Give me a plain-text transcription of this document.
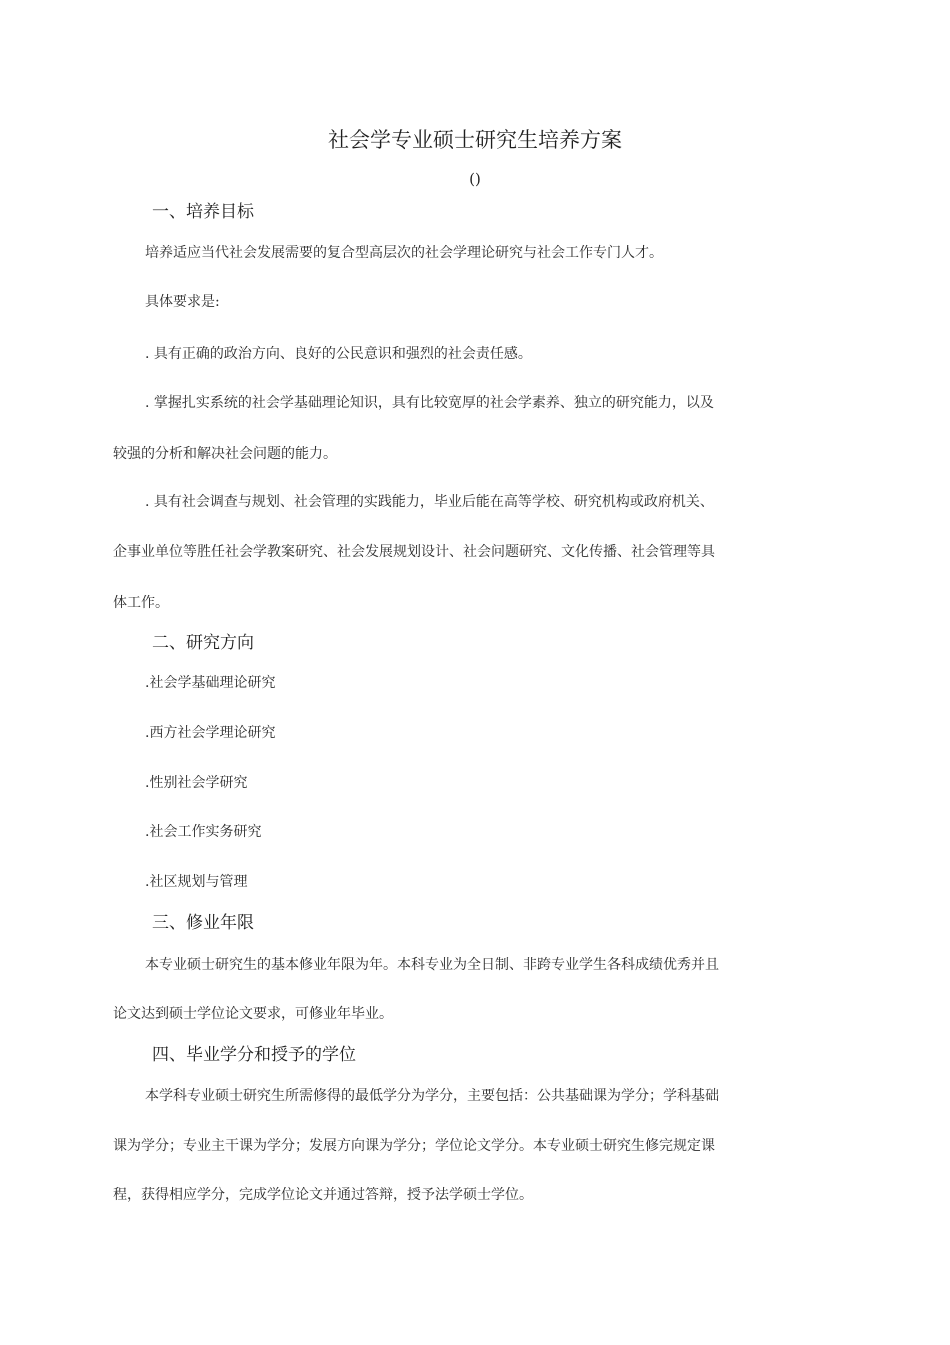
社会学专业硕士研究生培养方案
()
一、培养目标
培养适应当代社会发展需要的复合型高层次的社会学理论研究与社会工作专门人才。
具体要求是:
. 具有正确的政治方向、良好的公民意识和强烈的社会责任感。
. 掌握扎实系统的社会学基础理论知识，具有比较宽厚的社会学素养、独立的研究能力，以及
较强的分析和解决社会问题的能力。
. 具有社会调查与规划、社会管理的实践能力，毕业后能在高等学校、研究机构或政府机关、
企事业单位等胜任社会学教案研究、社会发展规划设计、社会问题研究、文化传播、社会管理等具
体工作。
二、研究方向
.社会学基础理论研究
.西方社会学理论研究
.性别社会学研究
.社会工作实务研究
.社区规划与管理
三、修业年限
本专业硕士研究生的基本修业年限为年。本科专业为全日制、非跨专业学生各科成绩优秀并且
论文达到硕士学位论文要求，可修业年毕业。
四、毕业学分和授予的学位
本学科专业硕士研究生所需修得的最低学分为学分，主要包括：公共基础课为学分；学科基础
课为学分；专业主干课为学分；发展方向课为学分；学位论文学分。本专业硕士研究生修完规定课
程，获得相应学分，完成学位论文并通过答辩，授予法学硕士学位。
